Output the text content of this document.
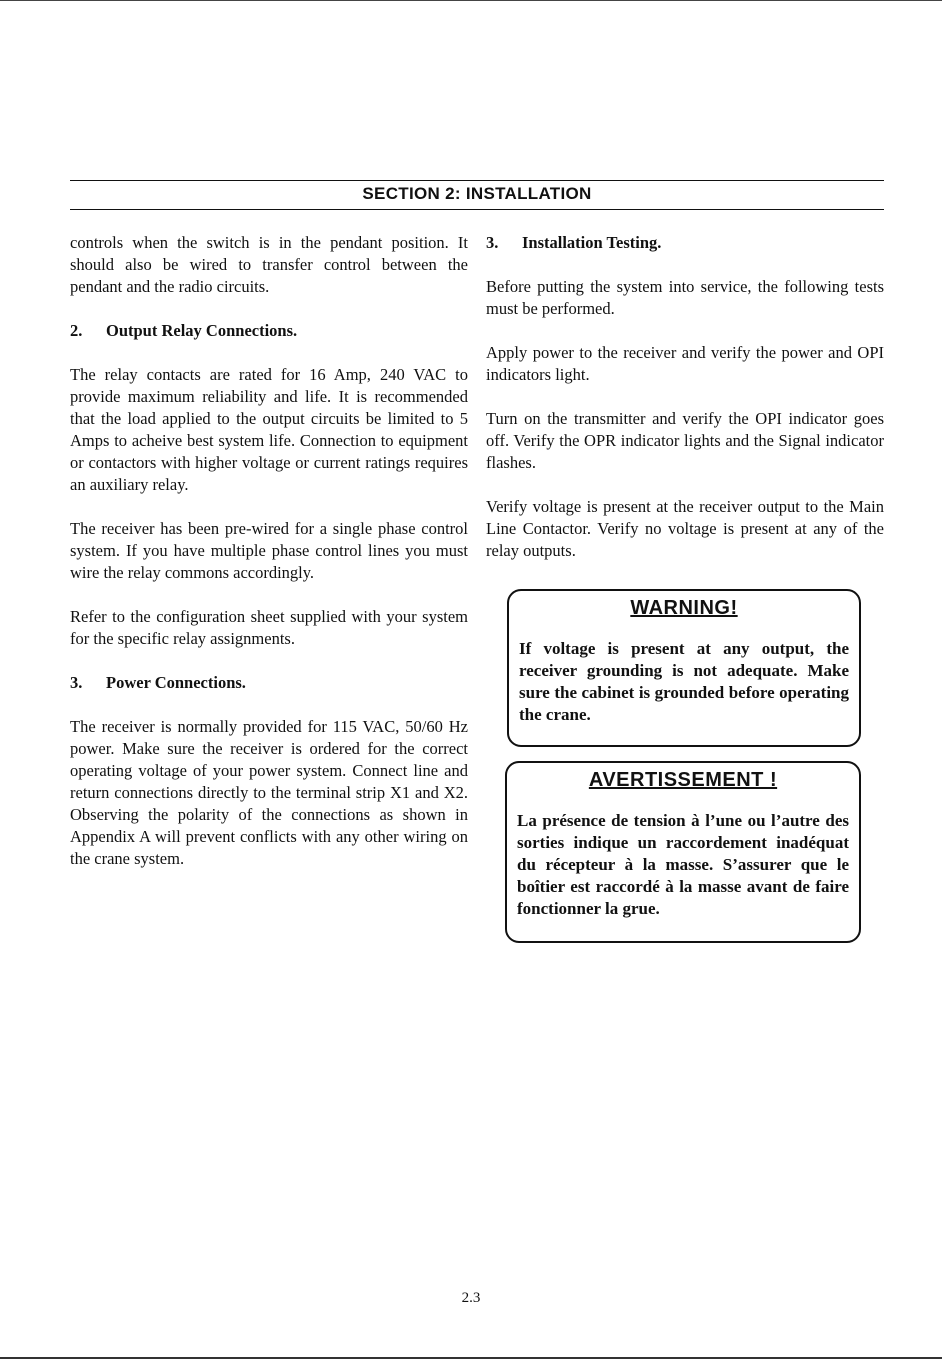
SECTION 2: INSTALLATION

controls when the switch is in the pendant position. It should also be wired to transfer control between the pendant and the radio circuits.

2. Output Relay Connections.

The relay contacts are rated for 16 Amp, 240 VAC to provide maximum reliability and life. It is recommended that the load applied to the output circuits be limited to 5 Amps to acheive best system life. Connection to equipment or contactors with higher voltage or current ratings requires an auxiliary relay.

The receiver has been pre-wired for a single phase control system. If you have multiple phase control lines you must wire the relay commons accordingly.

Refer to the configuration sheet supplied with your system for the specific relay assignments.

3. Power Connections.

The receiver is normally provided for 115 VAC, 50/60 Hz power. Make sure the receiver is ordered for the correct operating voltage of your power system. Connect line and return connections directly to the terminal strip X1 and X2. Observing the polarity of the connections as shown in Appendix A will prevent conflicts with any other wiring on the crane system.

3. Installation Testing.

Before putting the system into service, the following tests must be performed.

Apply power to the receiver and verify the power and OPI indicators light.

Turn on the transmitter and verify the OPI indicator goes off. Verify the OPR indicator lights and the Signal indicator flashes.

Verify voltage is present at the receiver output to the Main Line Contactor. Verify no voltage is present at any of the relay outputs.

WARNING!
If voltage is present at any output, the receiver grounding is not adequate. Make sure the cabinet is grounded before operating the crane.
AVERTISSEMENT !
La présence de tension à l’une ou l’autre des sorties indique un raccordement inadéquat du récepteur à la masse. S’assurer que le boîtier est raccordé à la masse avant de faire fonctionner la grue.
2.3
